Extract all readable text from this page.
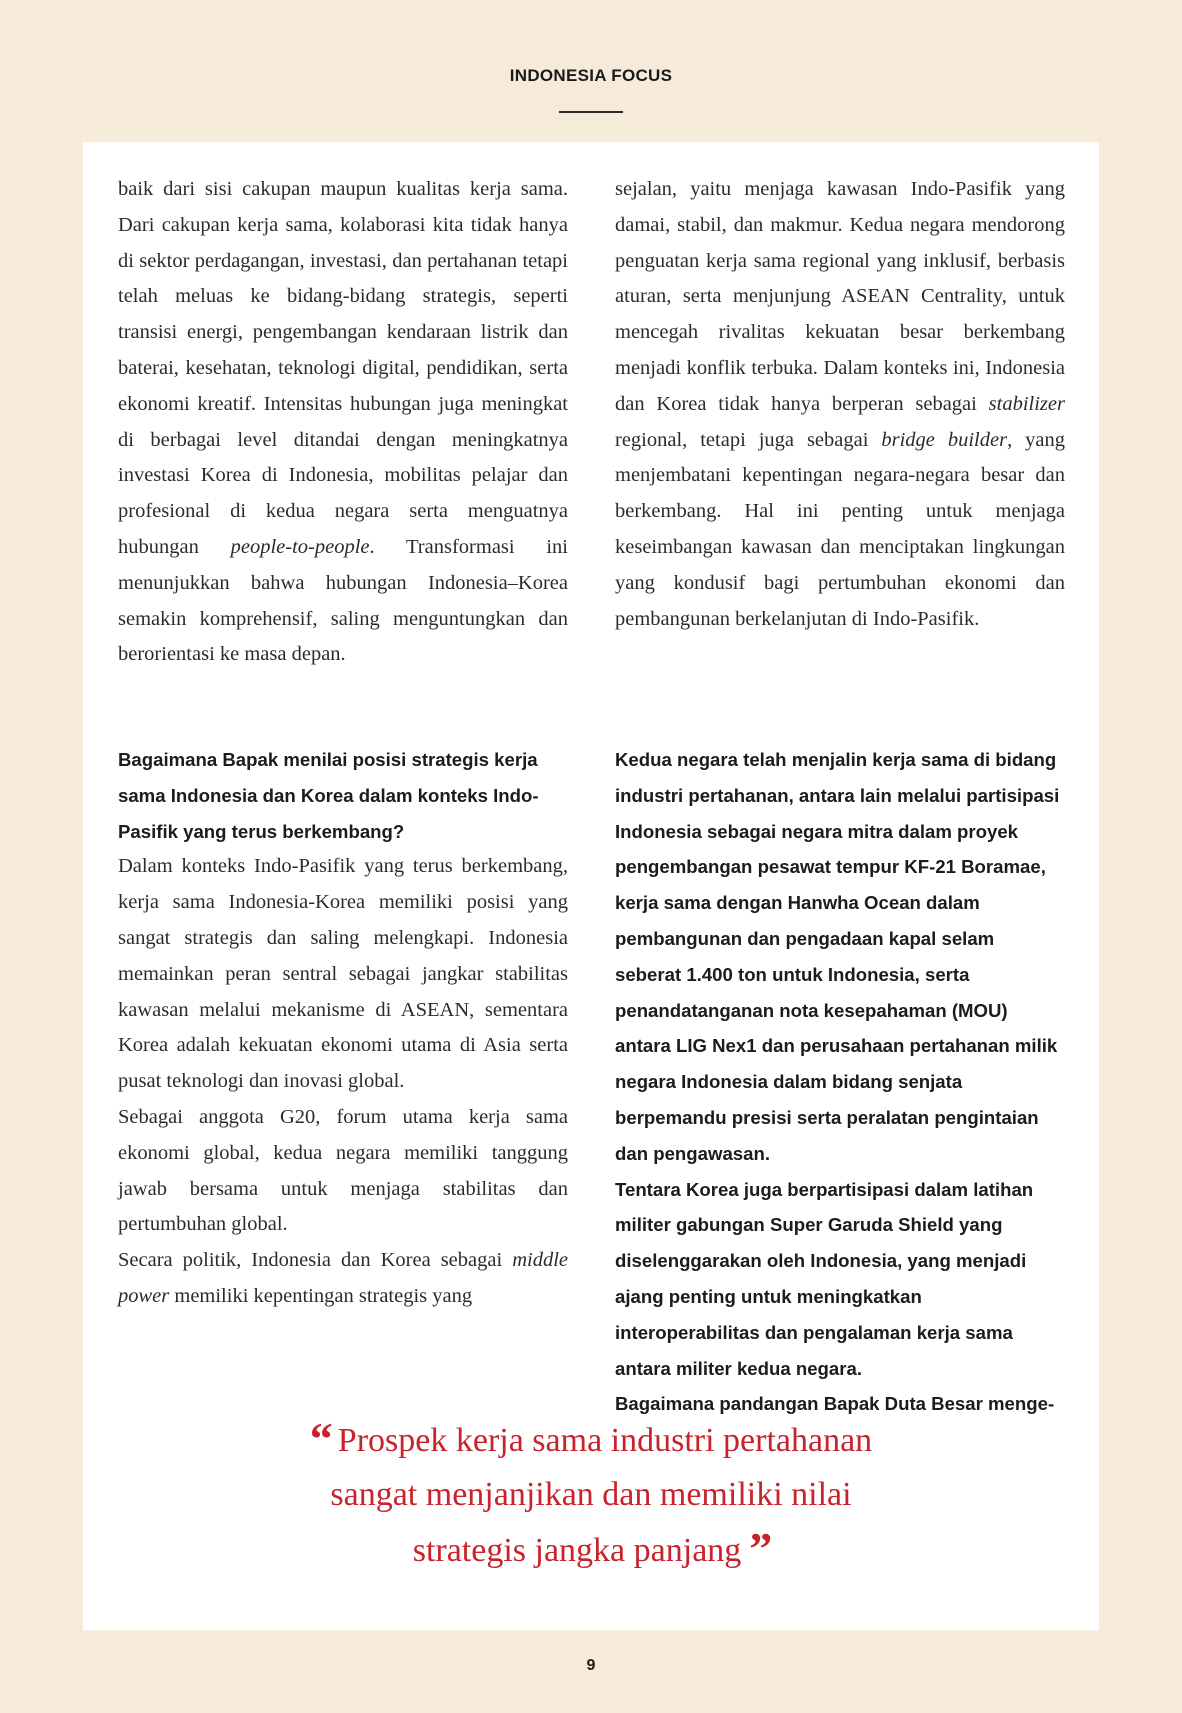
INDONESIA FOCUS

baik dari sisi cakupan maupun kualitas kerja sama. Dari cakupan kerja sama, kolaborasi kita tidak hanya di sektor perdagangan, investasi, dan pertahanan tetapi telah meluas ke bidang-bidang strategis, seperti transisi energi, pengembangan kendaraan listrik dan baterai, kesehatan, teknologi digital, pendidikan, serta ekonomi kreatif. Intensitas hubungan juga meningkat di berbagai level ditandai dengan meningkatnya investasi Korea di Indonesia, mobilitas pelajar dan profesional di kedua negara serta menguatnya hubungan people-to-people. Transformasi ini menunjukkan bahwa hubungan Indonesia–Korea semakin komprehensif, saling menguntungkan dan berorientasi ke masa depan.

sejalan, yaitu menjaga kawasan Indo-Pasifik yang damai, stabil, dan makmur. Kedua negara mendorong penguatan kerja sama regional yang inklusif, berbasis aturan, serta menjunjung ASEAN Centrality, untuk mencegah rivalitas kekuatan besar berkembang menjadi konflik terbuka. Dalam konteks ini, Indonesia dan Korea tidak hanya berperan sebagai stabilizer regional, tetapi juga sebagai bridge builder, yang menjembatani kepentingan negara-negara besar dan berkembang. Hal ini penting untuk menjaga keseimbangan kawasan dan menciptakan lingkungan yang kondusif bagi pertumbuhan ekonomi dan pembangunan berkelanjutan di Indo-Pasifik.

Bagaimana Bapak menilai posisi strategis kerja sama Indonesia dan Korea dalam konteks Indo-Pasifik yang terus berkembang?

Dalam konteks Indo-Pasifik yang terus berkembang, kerja sama Indonesia-Korea memiliki posisi yang sangat strategis dan saling melengkapi. Indonesia memainkan peran sentral sebagai jangkar stabilitas kawasan melalui mekanisme di ASEAN, sementara Korea adalah kekuatan ekonomi utama di Asia serta pusat teknologi dan inovasi global.

Sebagai anggota G20, forum utama kerja sama ekonomi global, kedua negara memiliki tanggung jawab bersama untuk menjaga stabilitas dan pertumbuhan global.

Secara politik, Indonesia dan Korea sebagai middle power memiliki kepentingan strategis yang

Kedua negara telah menjalin kerja sama di bidang industri pertahanan, antara lain melalui partisipasi Indonesia sebagai negara mitra dalam proyek pengembangan pesawat tempur KF-21 Boramae, kerja sama dengan Hanwha Ocean dalam pembangunan dan pengadaan kapal selam seberat 1.400 ton untuk Indonesia, serta penandatanganan nota kesepahaman (MOU) antara LIG Nex1 dan perusahaan pertahanan milik negara Indonesia dalam bidang senjata berpemandu presisi serta peralatan pengintaian dan pengawasan.

Tentara Korea juga berpartisipasi dalam latihan militer gabungan Super Garuda Shield yang diselenggarakan oleh Indonesia, yang menjadi ajang penting untuk meningkatkan interoperabilitas dan pengalaman kerja sama antara militer kedua negara.

Bagaimana pandangan Bapak Duta Besar menge-

“ Prospek kerja sama industri pertahanan
sangat menjanjikan dan memiliki nilai
strategis jangka panjang ”
9
